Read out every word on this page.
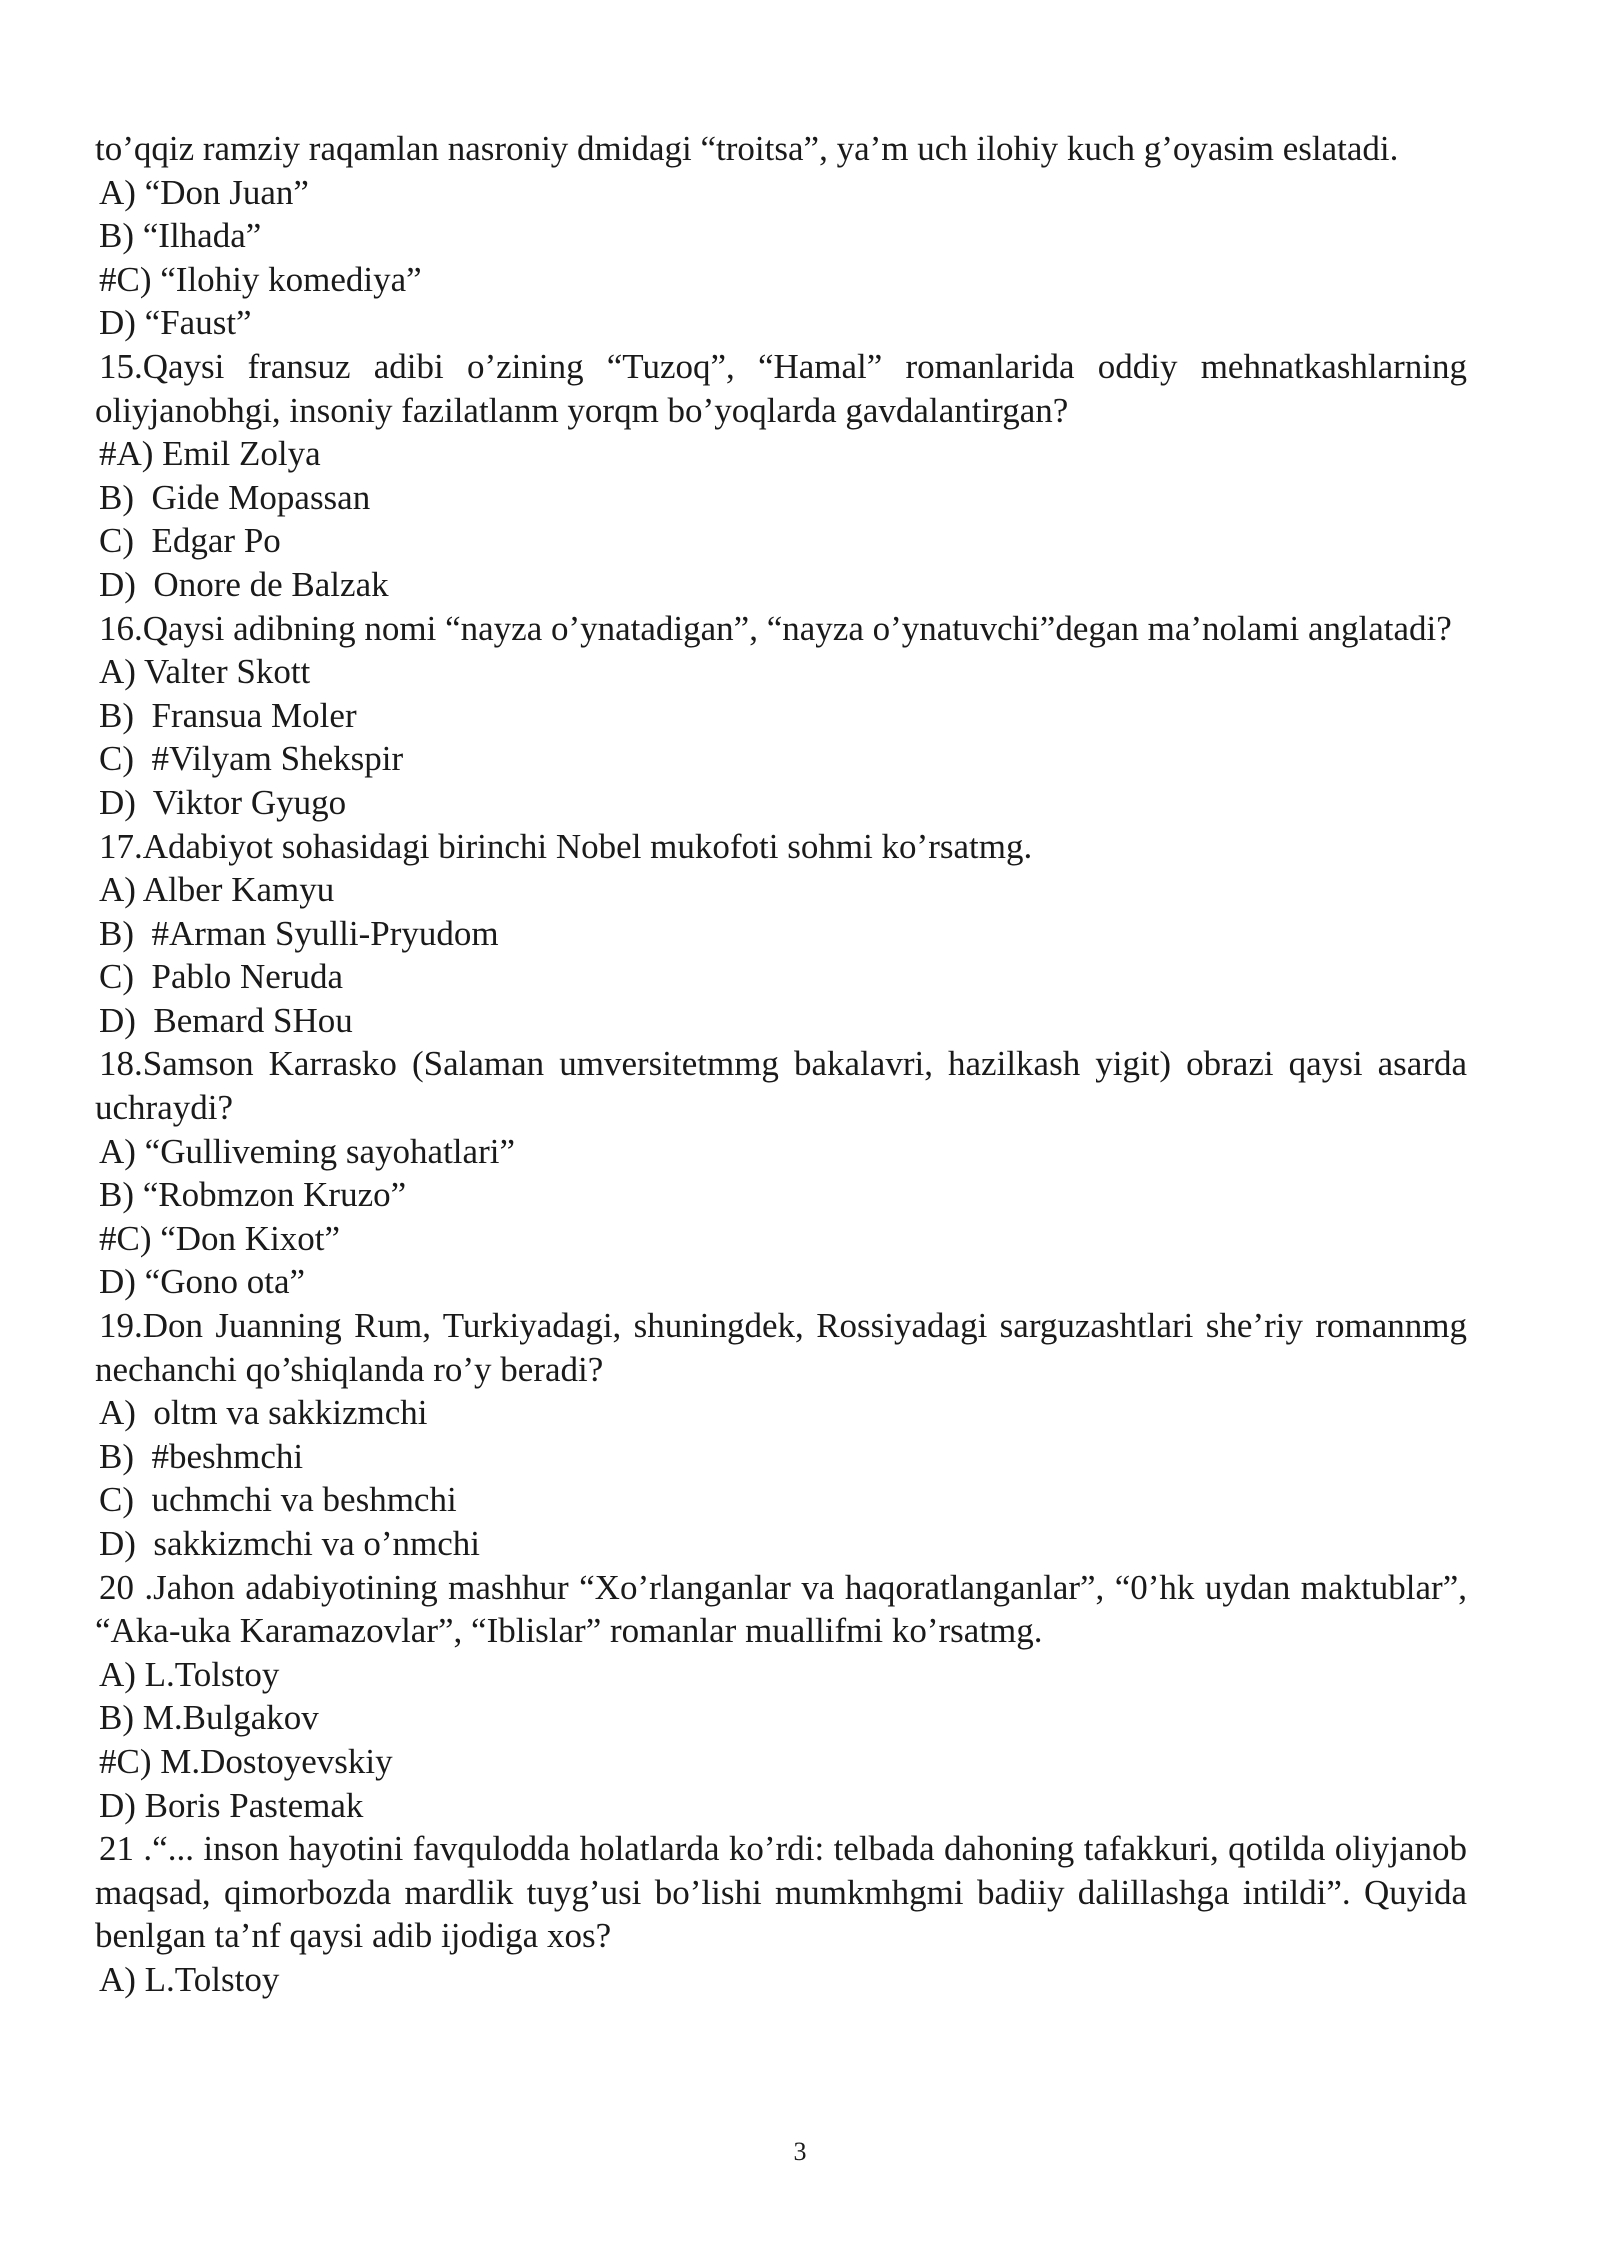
to’qqiz ramziy raqamlan nasroniy dmidagi “troitsa”, ya’m uch ilohiy kuch g’oyasim eslatadi.

A) “Don Juan”

B) “Ilhada”

#C) “Ilohiy komediya”

D) “Faust”

15.Qaysi fransuz adibi o’zining “Tuzoq”, “Hamal” romanlarida oddiy mehnatkashlarning oliyjanobhgi, insoniy fazilatlanm yorqm bo’yoqlarda gavdalantirgan?

#A) Emil Zolya

B)  Gide Mopassan

C)  Edgar Po

D)  Onore de Balzak

16.Qaysi adibning nomi “nayza o’ynatadigan”, “nayza o’ynatuvchi”degan ma’nolami anglatadi?

A) Valter Skott

B)  Fransua Moler

C)  #Vilyam Shekspir

D)  Viktor Gyugo

17.Adabiyot sohasidagi birinchi Nobel mukofoti sohmi ko’rsatmg.

A) Alber Kamyu

B)  #Arman Syulli-Pryudom

C)  Pablo Neruda

D)  Bemard SHou

18.Samson Karrasko (Salaman umversitetmmg bakalavri, hazilkash yigit) obrazi qaysi asarda uchraydi?

A) “Gulliveming sayohatlari”

B) “Robmzon Kruzo”

#C) “Don Kixot”

D) “Gono ota”

19.Don Juanning Rum, Turkiyadagi, shuningdek, Rossiyadagi sarguzashtlari she’riy romannmg nechanchi qo’shiqlanda ro’y beradi?

A)  oltm va sakkizmchi

B)  #beshmchi

C)  uchmchi va beshmchi

D)  sakkizmchi va o’nmchi

20 .Jahon adabiyotining mashhur “Xo’rlanganlar va haqoratlanganlar”, “0’hk uydan maktublar”, “Aka-uka Karamazovlar”, “Iblislar” romanlar muallifmi ko’rsatmg.

A) L.Tolstoy

B) M.Bulgakov

#C) M.Dostoyevskiy

D) Boris Pastemak

21 .“... inson hayotini favqulodda holatlarda ko’rdi: telbada dahoning tafakkuri, qotilda oliyjanob maqsad, qimorbozda mardlik tuyg’usi bo’lishi mumkmhgmi badiiy dalillashga intildi”. Quyida benlgan ta’nf qaysi adib ijodiga xos?

A) L.Tolstoy

3
